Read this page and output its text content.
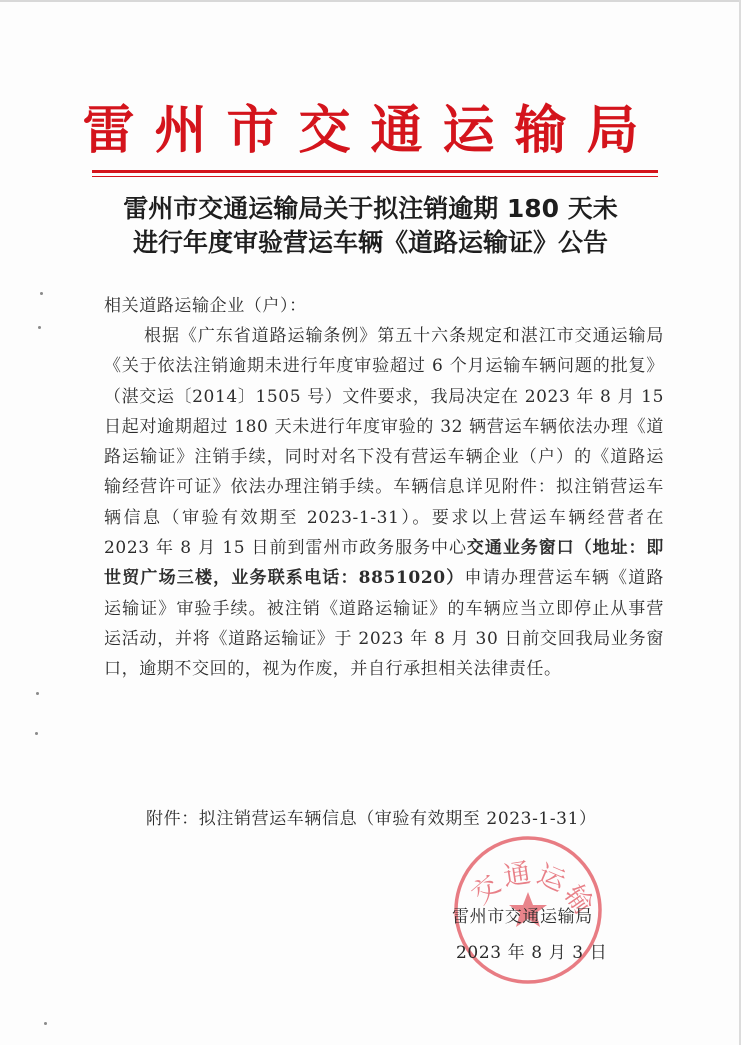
雷州市交通运输局
雷州市交通运输局关于拟注销逾期 180 天未
进行年度审验营运车辆《道路运输证》公告
相关道路运输企业（户）：
根据《广东省道路运输条例》第五十六条规定和湛江市交通运输局《关于依法注销逾期未进行年度审验超过 6 个月运输车辆问题的批复》（湛交运〔2014〕1505 号）文件要求，我局决定在 2023 年 8 月 15 日起对逾期超过 180 天未进行年度审验的 32 辆营运车辆依法办理《道路运输证》注销手续，同时对名下没有营运车辆企业（户）的《道路运输经营许可证》依法办理注销手续。车辆信息详见附件：拟注销营运车辆信息（审验有效期至 2023-1-31）。要求以上营运车辆经营者在 2023 年 8 月 15 日前到雷州市政务服务中心交通业务窗口（地址：即世贸广场三楼，业务联系电话：8851020）申请办理营运车辆《道路运输证》审验手续。被注销《道路运输证》的车辆应当立即停止从事营运活动，并将《道路运输证》于 2023 年 8 月 30 日前交回我局业务窗口，逾期不交回的，视为作废，并自行承担相关法律责任。
附件：拟注销营运车辆信息（审验有效期至 2023-1-31）
交通运输
雷州市交通运输局
2023 年 8 月 3 日
